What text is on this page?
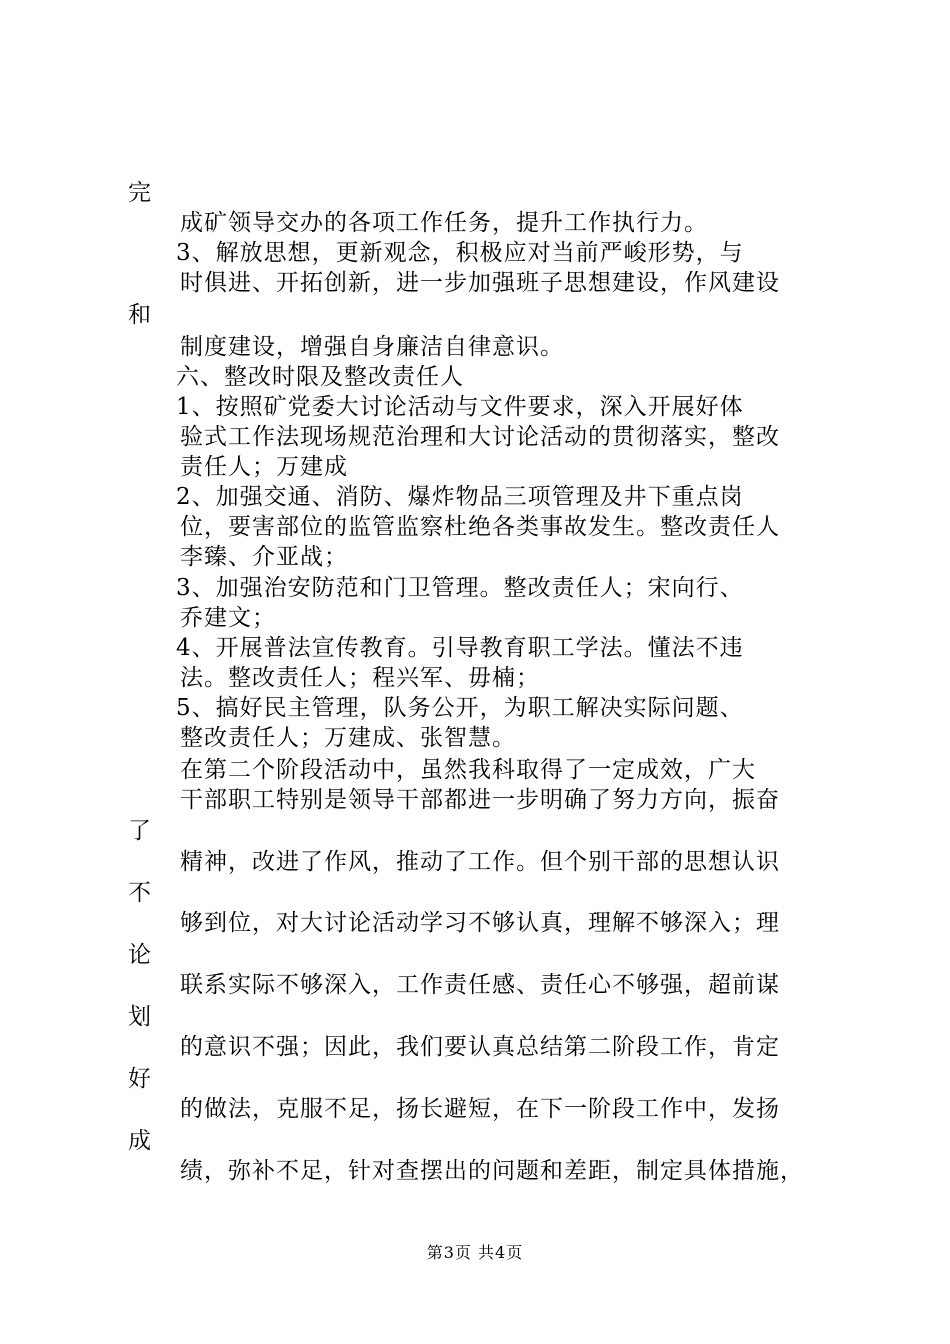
完
成矿领导交办的各项工作任务，提升工作执行力。
3、解放思想，更新观念，积极应对当前严峻形势，与
时俱进、开拓创新，进一步加强班子思想建设，作风建设
和
制度建设，增强自身廉洁自律意识。
六、整改时限及整改责任人
1、按照矿党委大讨论活动与文件要求，深入开展好体
验式工作法现场规范治理和大讨论活动的贯彻落实，整改
责任人；万建成
2、加强交通、消防、爆炸物品三项管理及井下重点岗
位，要害部位的监管监察杜绝各类事故发生。整改责任人
李臻、介亚战；
3、加强治安防范和门卫管理。整改责任人；宋向行、
乔建文；
4、开展普法宣传教育。引导教育职工学法。懂法不违
法。整改责任人；程兴军、毋楠；
5、搞好民主管理，队务公开，为职工解决实际问题、
整改责任人；万建成、张智慧。
在第二个阶段活动中，虽然我科取得了一定成效，广大
干部职工特别是领导干部都进一步明确了努力方向，振奋
了
精神，改进了作风，推动了工作。但个别干部的思想认识
不
够到位，对大讨论活动学习不够认真，理解不够深入；理
论
联系实际不够深入，工作责任感、责任心不够强，超前谋
划
的意识不强；因此，我们要认真总结第二阶段工作，肯定
好
的做法，克服不足，扬长避短，在下一阶段工作中，发扬
成
绩，弥补不足，针对查摆出的问题和差距，制定具体措施，
第3页 共4页
